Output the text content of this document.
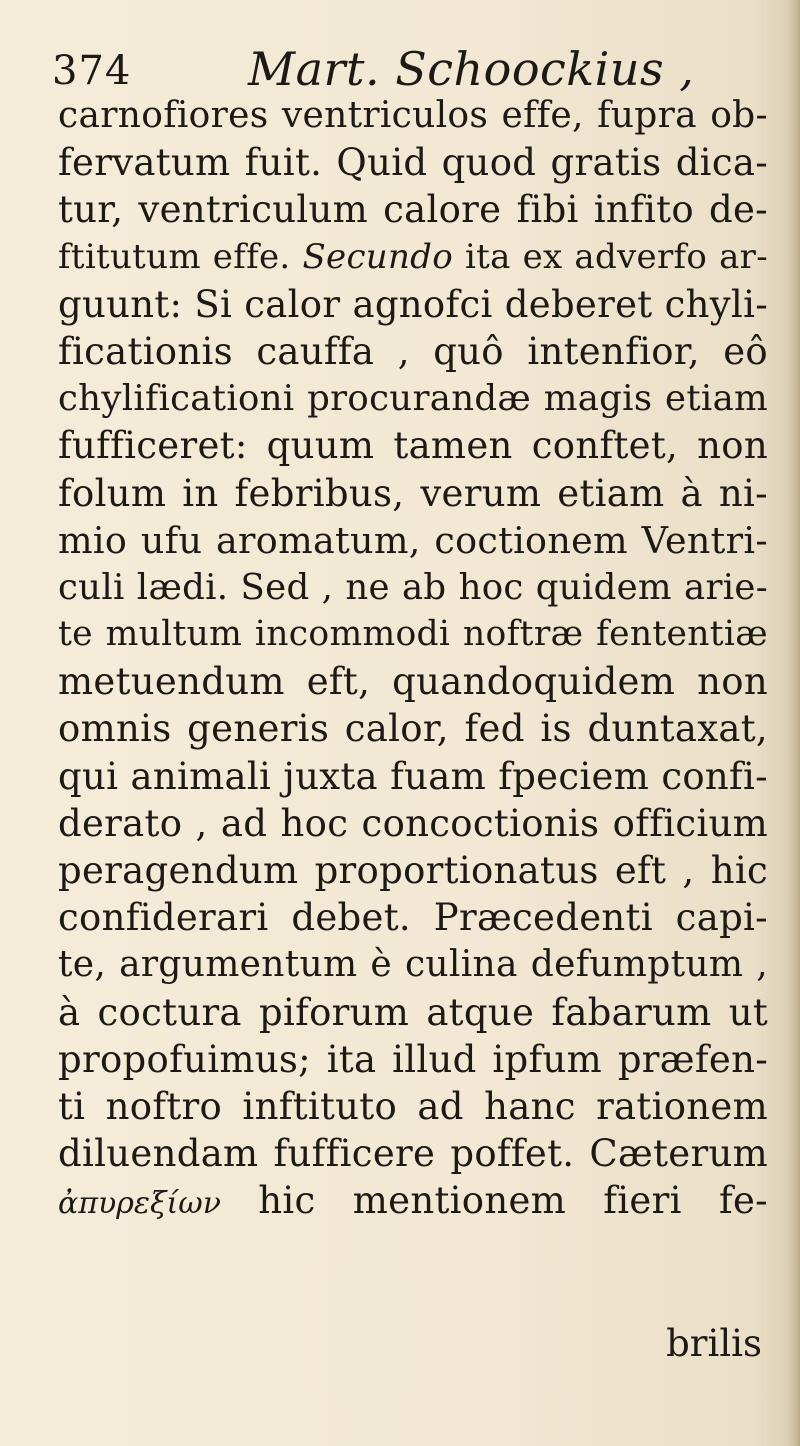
374	Mart. Schoockius ,
carnofiores ventriculos effe, fupra ob-
fervatum fuit. Quid quod gratis dica-
tur, ventriculum calore fibi infito de-
ftitutum effe. Secundo ita ex adverfo ar-
guunt: Si calor agnofci deberet chyli-
ficationis cauffa , quô intenfior, eô
chylificationi procurandæ magis etiam
fufficeret: quum tamen conftet, non
folum in febribus, verum etiam à ni-
mio ufu aromatum, coctionem Ventri-
culi lædi. Sed , ne ab hoc quidem arie-
te multum incommodi noftræ fententiæ
metuendum eft, quandoquidem non
omnis generis calor, fed is duntaxat,
qui animali juxta fuam fpeciem confi-
derato , ad hoc concoctionis officium
peragendum proportionatus eft , hic
confiderari debet. Præcedenti capi-
te, argumentum è culina defumptum ,
à coctura piforum atque fabarum ut
propofuimus; ita illud ipfum præfen-
ti noftro inftituto ad hanc rationem
diluendam fufficere poffet. Cæterum
ἀπυρεξίων hic mentionem fieri fe-
brilis
